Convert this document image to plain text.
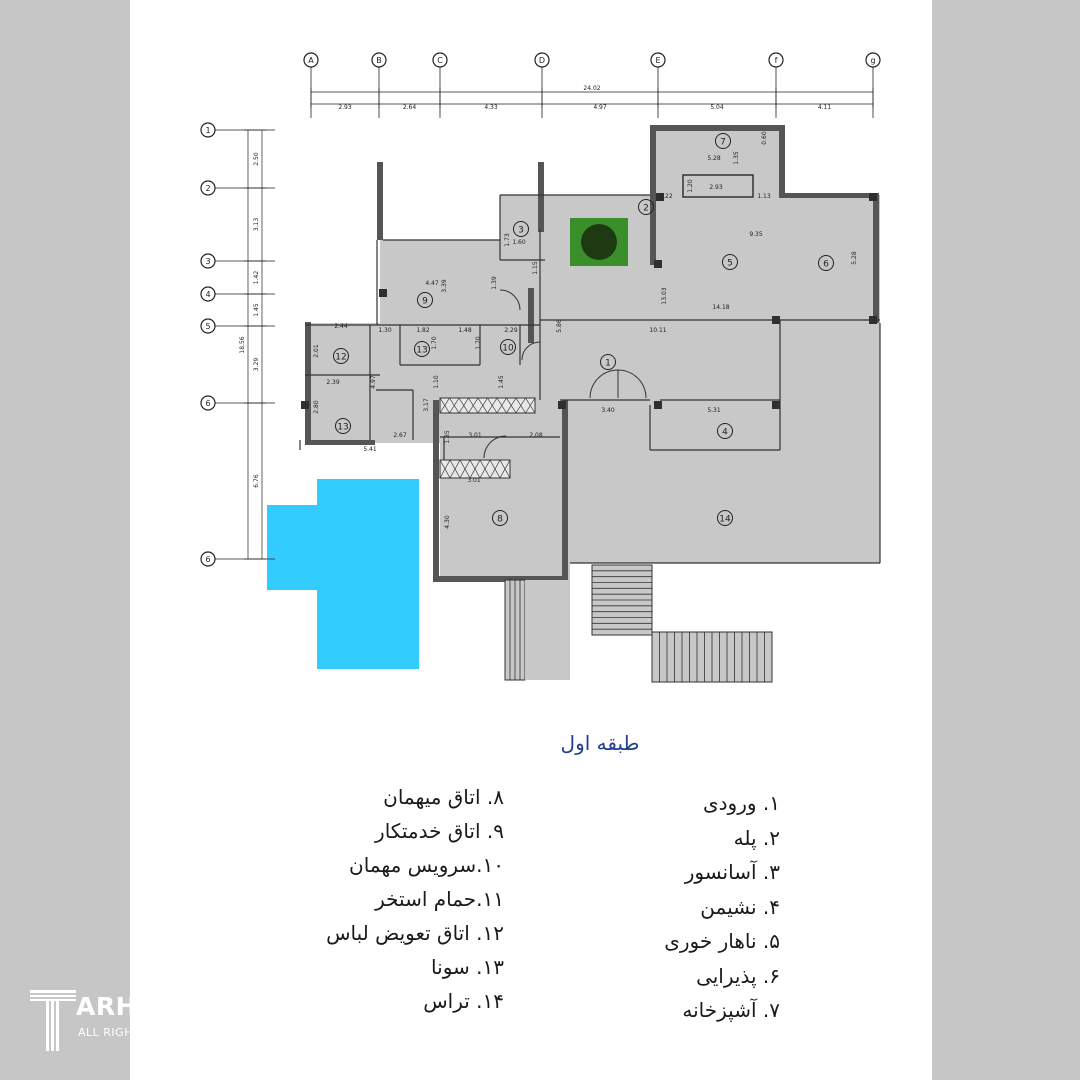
A	B	C	D	E	f	g
1
2
3
4
5
6
6
24.02
2.93	2.64	4.33	4.97	5.04	4.11
18.56
2.50
3.13
1.42
1.45
3.29
6.76
5.28 1.35
0.60
2.93
1.20
1.22	1.13
9.35
5.28
13.03
14.18
10.11
5.86
4.47 3.39	1.39
1.15
1.73 1.60
2.44
1.30	1.82	1.48	2.29
2.01
1.70	1.70
2.39	4.97
2.80	3.17
1.10	1.45
3.40	5.31
2.67	3.01	2.08
5.41
1.85
3.01
4.30
1
2
3
4
5	6
7
8
9
10
12
13
13
14
طبقه اول
۱. ورودی
۲. پله
۳. آسانسور
۴. نشیمن
۵. ناهار خوری
۶. پذیرایی
۷. آشپزخانه
۸. اتاق میهمان
۹. اتاق خدمتکار
۱۰.سرویس مهمان
۱۱.حمام استخر
۱۲. اتاق تعویض لباس
۱۳. سونا
۱۴. تراس
ARH2TARH
ALL RIGHT RESERVED
©
